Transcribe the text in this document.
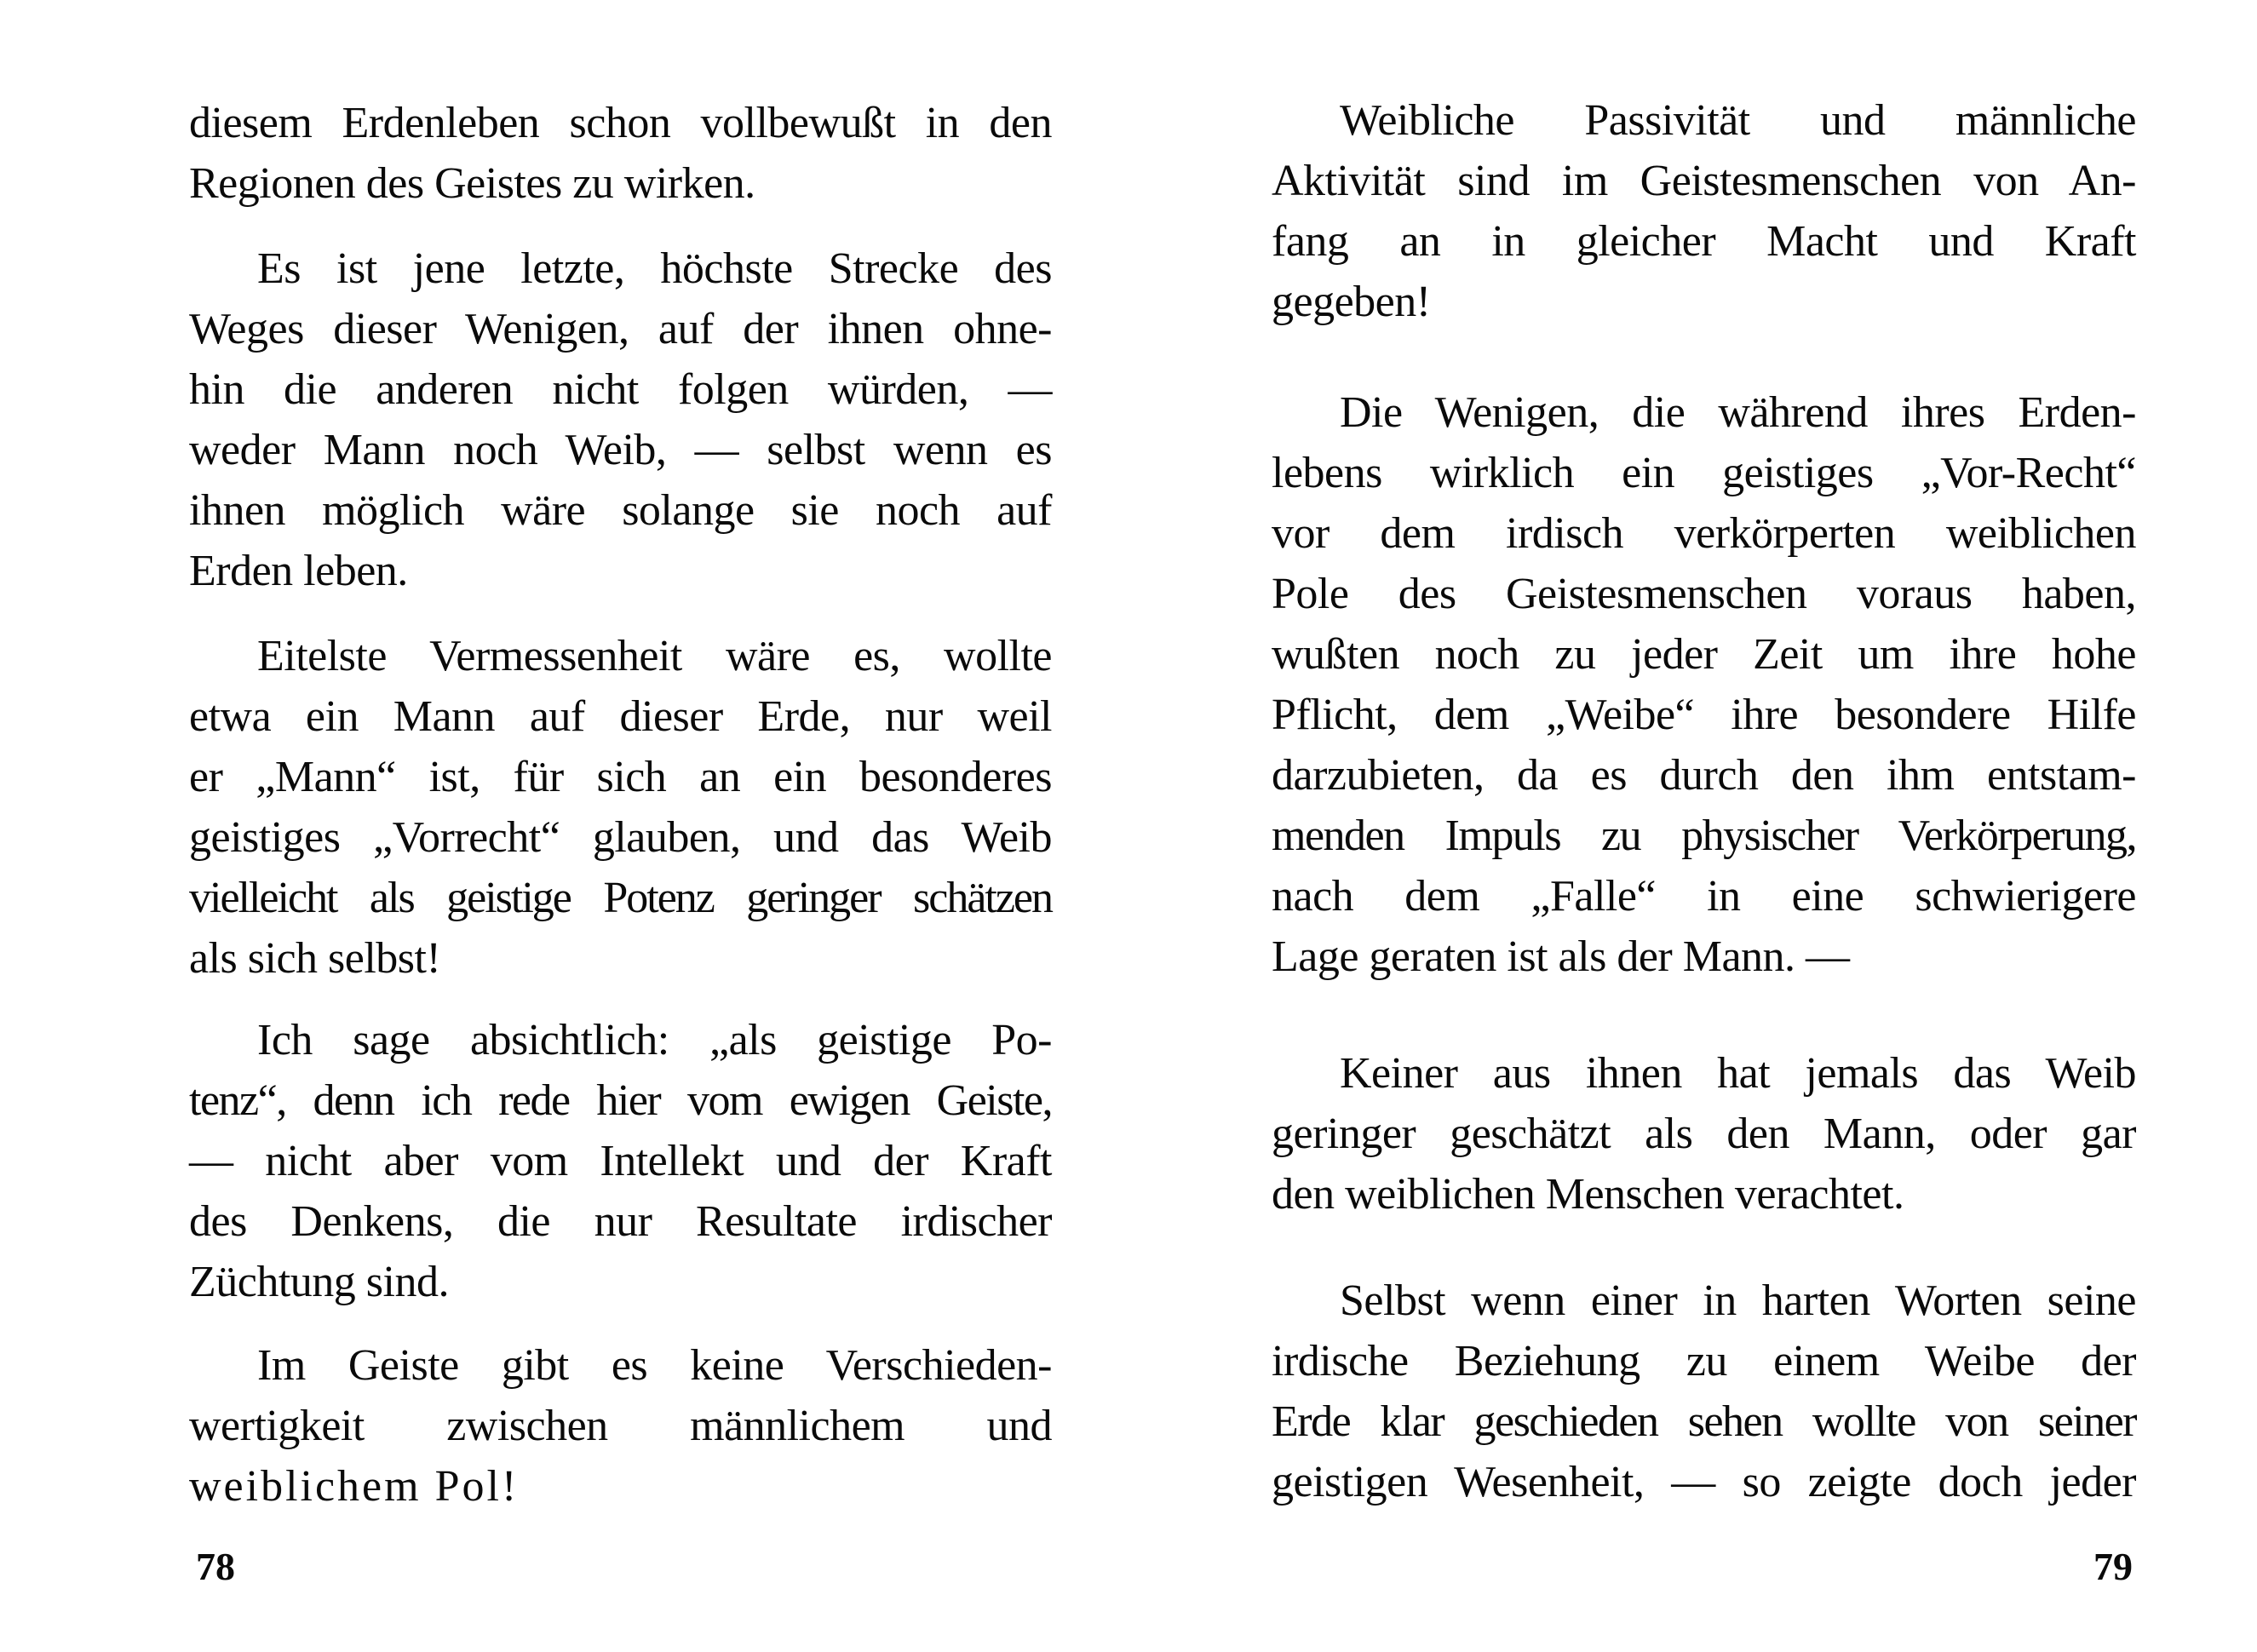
diesem Erdenleben schon vollbewußt in den
Regionen des Geistes zu wirken.
Es ist jene letzte, höchste Strecke des
Weges dieser Wenigen, auf der ihnen ohne-
hin die anderen nicht folgen würden, —
weder Mann noch Weib, — selbst wenn es
ihnen möglich wäre solange sie noch auf
Erden leben.
Eitelste Vermessenheit wäre es, wollte
etwa ein Mann auf dieser Erde, nur weil
er „Mann“ ist, für sich an ein besonderes
geistiges „Vorrecht“ glauben, und das Weib
vielleicht als geistige Potenz geringer schätzen
als sich selbst!
Ich sage absichtlich: „als geistige Po-
tenz“, denn ich rede hier vom ewigen Geiste,
— nicht aber vom Intellekt und der Kraft
des Denkens, die nur Resultate irdischer
Züchtung sind.
Im Geiste gibt es keine Verschieden-
wertigkeit zwischen männlichem und
weiblichem Pol!
78
Weibliche Passivität und männliche
Aktivität sind im Geistesmenschen von An-
fang an in gleicher Macht und Kraft
gegeben!
Die Wenigen, die während ihres Erden-
lebens wirklich ein geistiges „Vor-Recht“
vor dem irdisch verkörperten weiblichen
Pole des Geistesmenschen voraus haben,
wußten noch zu jeder Zeit um ihre hohe
Pflicht, dem „Weibe“ ihre besondere Hilfe
darzubieten, da es durch den ihm entstam-
menden Impuls zu physischer Verkörperung,
nach dem „Falle“ in eine schwierigere
Lage geraten ist als der Mann. —
Keiner aus ihnen hat jemals das Weib
geringer geschätzt als den Mann, oder gar
den weiblichen Menschen verachtet.
Selbst wenn einer in harten Worten seine
irdische Beziehung zu einem Weibe der
Erde klar geschieden sehen wollte von seiner
geistigen Wesenheit, — so zeigte doch jeder
79
